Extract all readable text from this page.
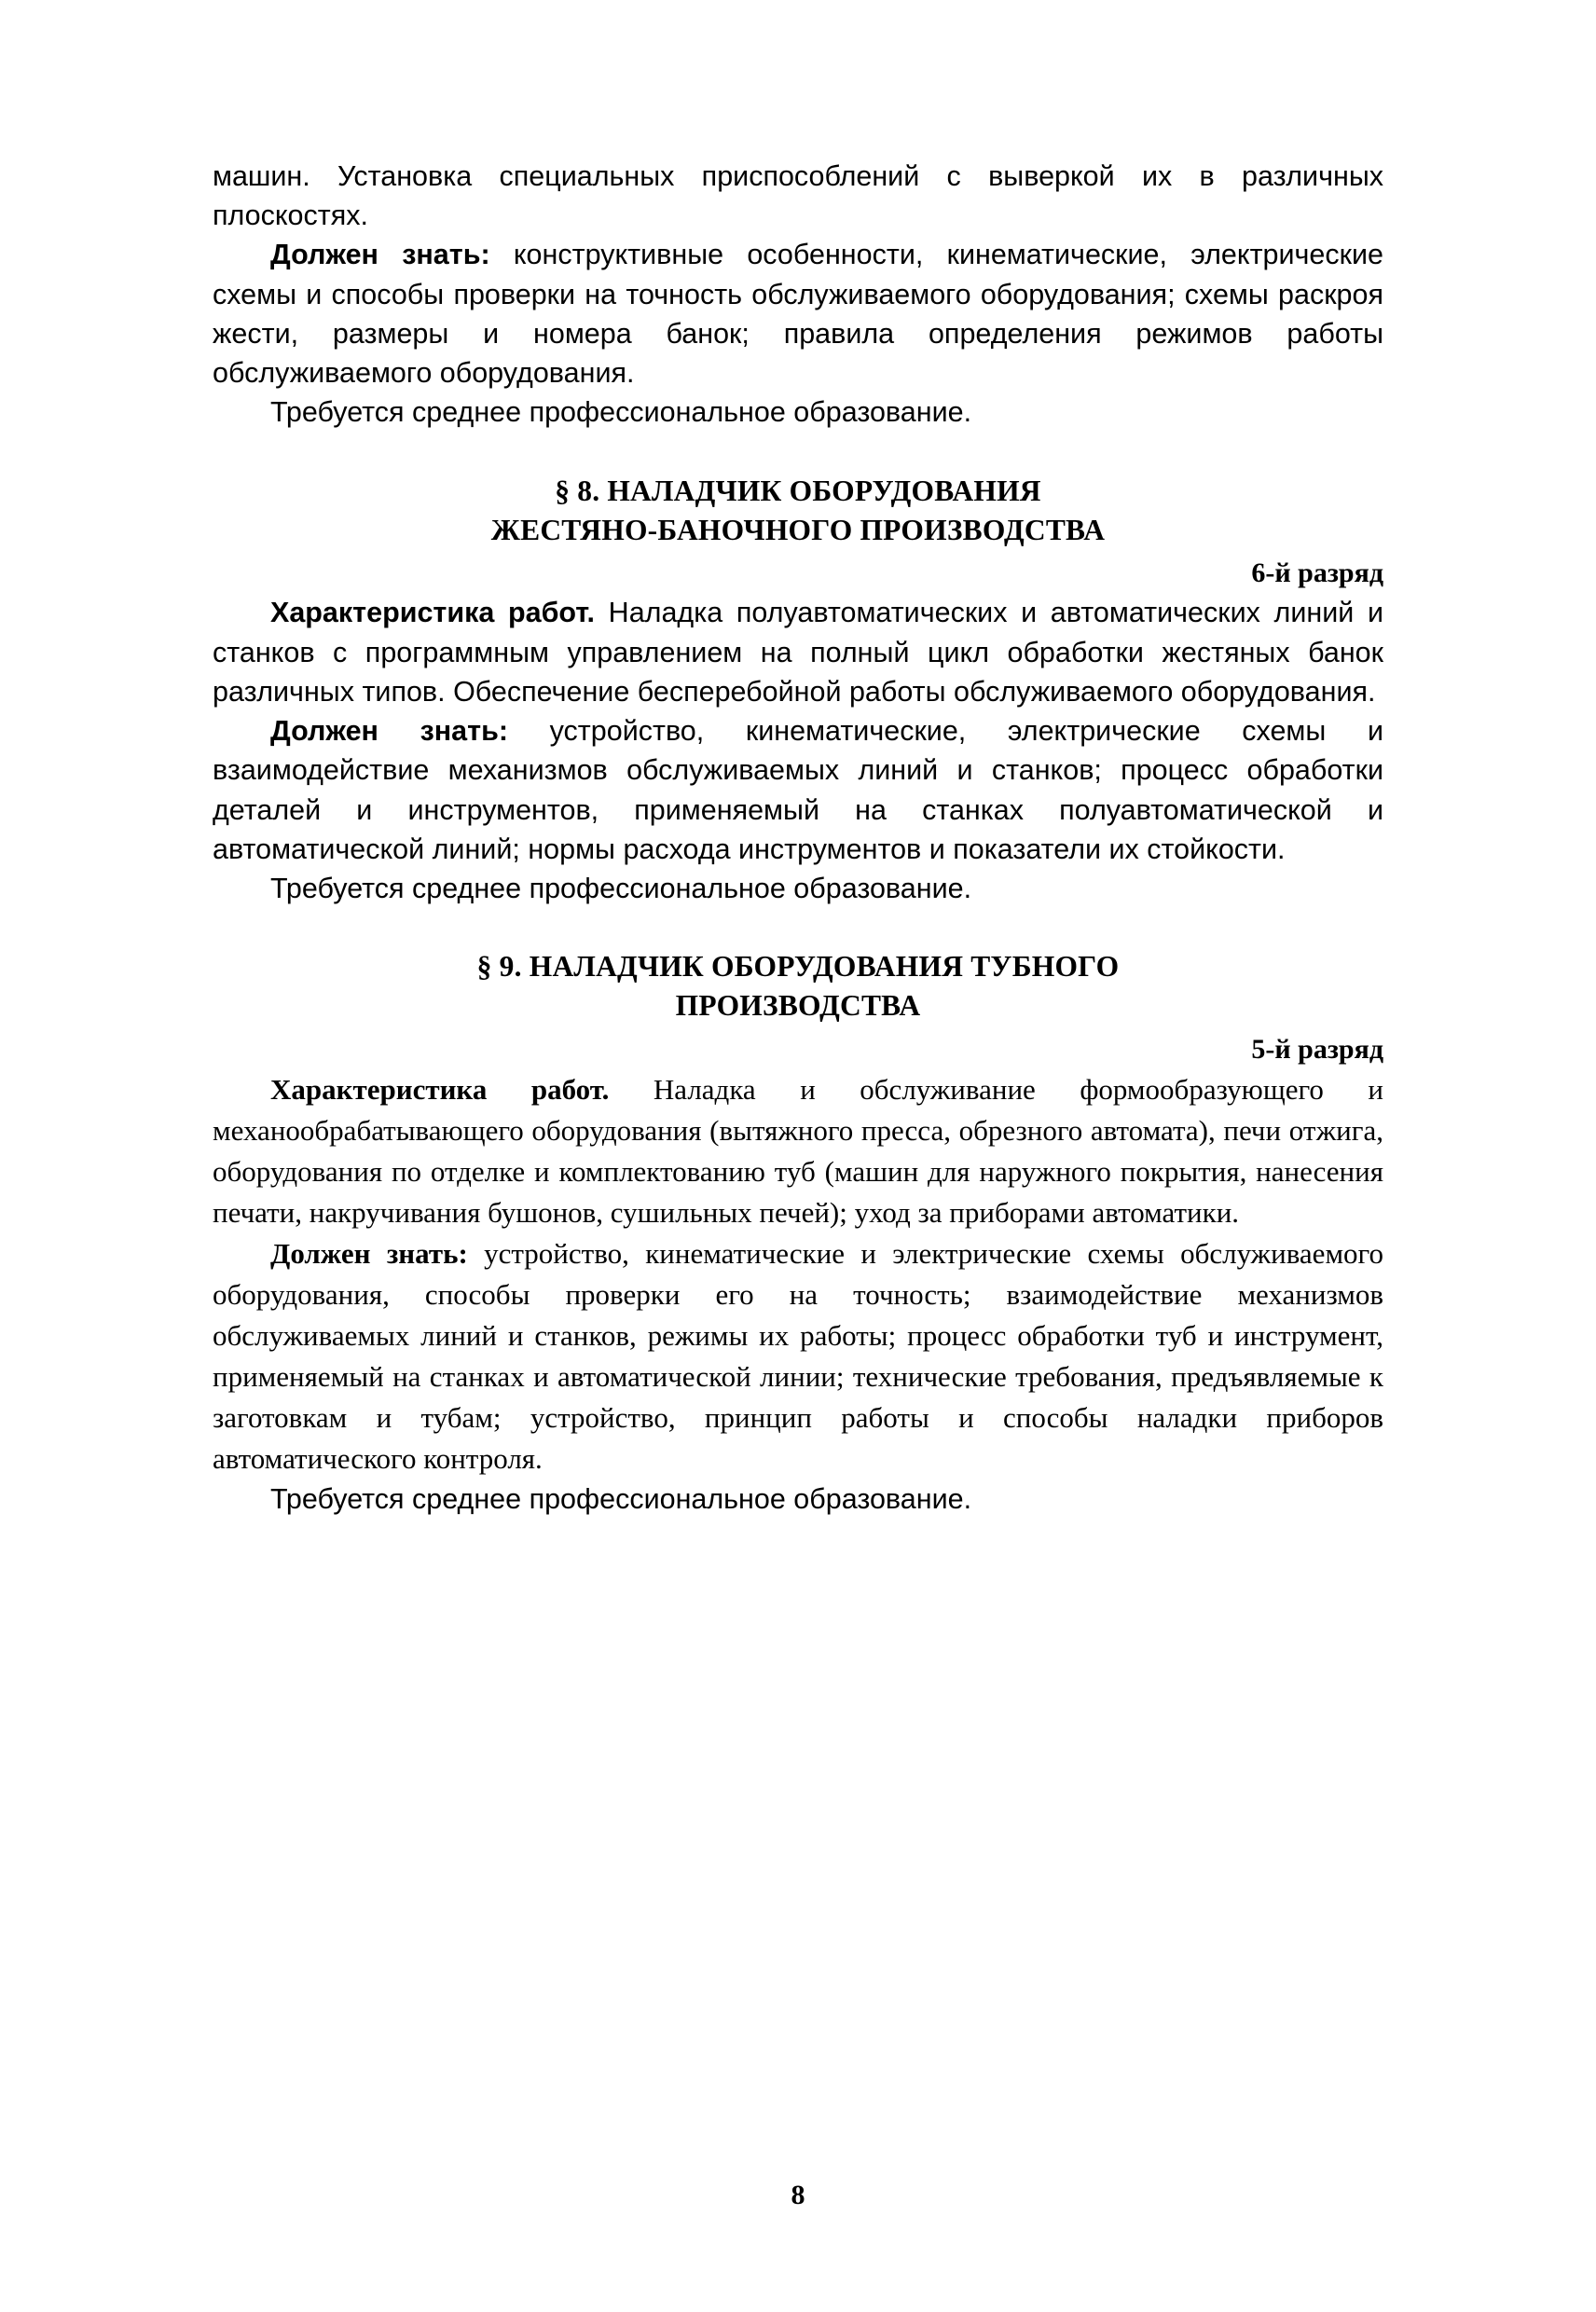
машин. Установка специальных приспособлений с выверкой их в различных плоскостях.

Должен знать: конструктивные особенности, кинематические, электрические схемы и способы проверки на точность обслуживаемого оборудования; схемы раскроя жести, размеры и номера банок; правила определения режимов работы обслуживаемого оборудования.

Требуется среднее профессиональное образование.

§ 8. НАЛАДЧИК ОБОРУДОВАНИЯ
ЖЕСТЯНО-БАНОЧНОГО ПРОИЗВОДСТВА

6-й разряд

Характеристика работ. Наладка полуавтоматических и автоматических линий и станков с программным управлением на полный цикл обработки жестяных банок различных типов. Обеспечение бесперебойной работы обслуживаемого оборудования.

Должен знать: устройство, кинематические, электрические схемы и взаимодействие механизмов обслуживаемых линий и станков; процесс обработки деталей и инструментов, применяемый на станках полуавтоматической и автоматической линий; нормы расхода инструментов и показатели их стойкости.

Требуется среднее профессиональное образование.

§ 9. НАЛАДЧИК ОБОРУДОВАНИЯ ТУБНОГО
ПРОИЗВОДСТВА

5-й разряд

Характеристика работ. Наладка и обслуживание формообразующего и механообрабатывающего оборудования (вытяжного пресса, обрезного автомата), печи отжига, оборудования по отделке и комплектованию туб (машин для наружного покрытия, нанесения печати, накручивания бушонов, сушильных печей); уход за приборами автоматики.

Должен знать: устройство, кинематические и электрические схемы обслуживаемого оборудования, способы проверки его на точность; взаимодействие механизмов обслуживаемых линий и станков, режимы их работы; процесс обработки туб и инструмент, применяемый на станках и автоматической линии; технические требования, предъявляемые к заготовкам и тубам; устройство, принцип работы и способы наладки приборов автоматического контроля.

Требуется среднее профессиональное образование.

8
